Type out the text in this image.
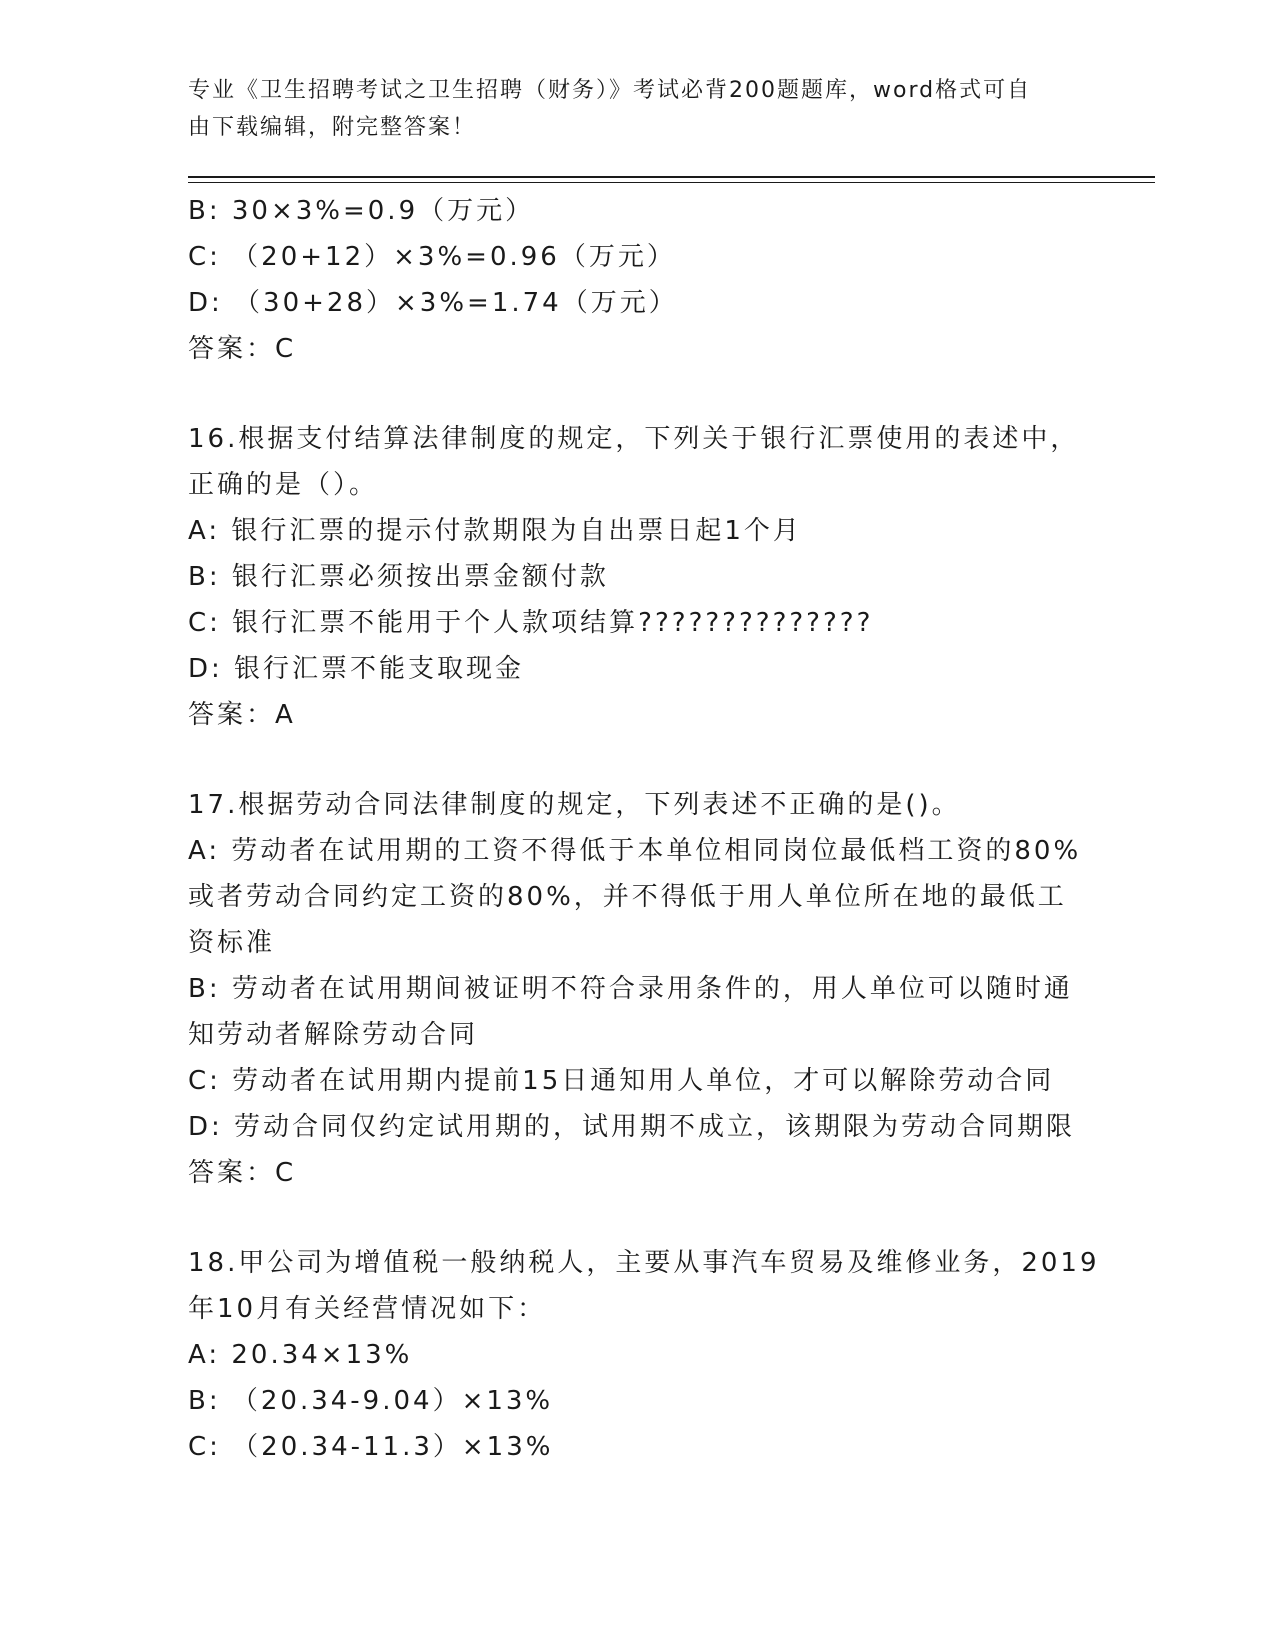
专业《卫生招聘考试之卫生招聘（财务）》考试必背200题题库，word格式可自
由下载编辑，附完整答案！
B: 30×3%=0.9（万元）
C: （20+12）×3%=0.96（万元）
D: （30+28）×3%=1.74（万元）
答案：C
16.根据支付结算法律制度的规定，下列关于银行汇票使用的表述中，
正确的是（）。
A: 银行汇票的提示付款期限为自出票日起1个月
B: 银行汇票必须按出票金额付款
C: 银行汇票不能用于个人款项结算??????????????
D: 银行汇票不能支取现金
答案：A
17.根据劳动合同法律制度的规定，下列表述不正确的是()。
A: 劳动者在试用期的工资不得低于本单位相同岗位最低档工资的80%
或者劳动合同约定工资的80%，并不得低于用人单位所在地的最低工
资标准
B: 劳动者在试用期间被证明不符合录用条件的，用人单位可以随时通
知劳动者解除劳动合同
C: 劳动者在试用期内提前15日通知用人单位，才可以解除劳动合同
D: 劳动合同仅约定试用期的，试用期不成立，该期限为劳动合同期限
答案：C
18.甲公司为增值税一般纳税人，主要从事汽车贸易及维修业务，2019
年10月有关经营情况如下：
A: 20.34×13%
B: （20.34-9.04）×13%
C: （20.34-11.3）×13%
